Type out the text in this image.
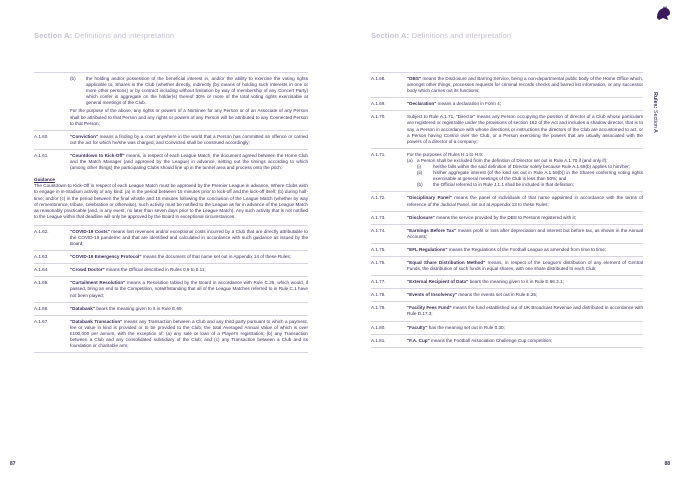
Section A: Definitions and interpretation	Section A: Definitions and interpretation
Rules: Section A
(b)	the holding and/or possession of the beneficial interest in, and/or the ability to exercise the voting rights applicable to, Shares in the Club (whether directly, indirectly (by means of holding such interests in one or more other persons) or by contract including without limitation by way of membership of any Concert Party) which confer in aggregate on the holder(s) thereof 30% or more of the total voting rights exercisable at general meetings of the Club.
For the purpose of the above, any rights or powers of a Nominee for any Person or of an Associate of any Person shall be attributed to that Person and any rights or powers of any Person will be attributed to any Connected Person to that Person;
A.1.60.	"Conviction" means a finding by a court anywhere in the world that a Person has committed an offence or carried out the act for which he/she was charged, and Convicted shall be construed accordingly;
A.1.61.	"Countdown to Kick-Off" means, in respect of each League Match, the document agreed between the Home Club and the Match Manager (and approved by the League) in advance, setting out the timings according to which (among other things) the participating Clubs should line up in the tunnel area and process onto the pitch;
Guidance
The Countdown to Kick-Off in respect of each League Match must be approved by the Premier League in advance. Where Clubs wish to engage in in-Stadium activity of any kind: (a) in the period between 15 minutes prior to kick-off and the kick-off itself; (b) during half-time; and/or (c) in the period between the final whistle and 15 minutes following the conclusion of the League Match (whether by way of remembrance, tribute, celebration or otherwise), such activity must be notified to the League as far in advance of the League Match as reasonably practicable (and, in any event, no later than seven days prior to the League Match). Any such activity that is not notified to the League within that deadline will only be approved by the Board in exceptional circumstances.
A.1.62.	"COVID-19 Costs" means lost revenues and/or exceptional costs incurred by a Club that are directly attributable to the COVID-19 pandemic and that are identified and calculated in accordance with such guidance as issued by the Board;
A.1.63.	"COVID-19 Emergency Protocol" means the document of that name set out in Appendix 14 of these Rules;
A.1.64.	"Crowd Doctor" means the Official described in Rules 0.9 to 0.11;
A.1.65.	"Curtailment Resolution" means a Resolution tabled by the Board in accordance with Rule C.25, which would, if passed, bring an end to the Competition, notwithstanding that all of the League Matches referred to in Rule C.1 have not been played;
A.1.66.	"Databank" bears the meaning given to it in Rule E.69;
A.1.67.	"Databank Transaction" means any Transaction between a Club and any third party pursuant to which a payment, fee or value in kind is provided or to be provided to the Club, the total Averaged Annual Value of which is over £100,000 per annum, with the exception of: (a) any sale or loan of a Player's registration; (b) any Transaction between a Club and any consolidated subsidiary of the Club; and (c) any Transaction between a Club and its foundation or charitable arm;
A.1.68.	"DBS" means the Disclosure and Barring Service, being a non-departmental public body of the Home Office which, amongst other things, processes requests for criminal records checks and barred list information, or any successor body which carries out its functions;
A.1.69.	"Declaration" means a declaration in Form 4;
A.1.70.	Subject to Rule A.1.71, "Director" means any Person occupying the position of director of a Club whose particulars are registered or registrable under the provisions of section 162 of the Act and includes a shadow director, that is to say, a Person in accordance with whose directions or instructions the directors of the Club are accustomed to act, or a Person having Control over the Club, or a Person exercising the powers that are usually associated with the powers of a director of a company;
A.1.71.	For the purposes of Rules H.1 to H.9:
(a) a Person shall be excluded from the definition of Director set out in Rule A.1.70 if (and only if):
(i)	he/she falls within the said definition of Director solely because Rule A.1.59(b) applies to him/her;
(ii)	his/her aggregate interest (of the kind set out in Rule A.1.59(b)) in the Shares conferring voting rights exercisable at general meetings of the Club is less than 50%; and
(b)	the Official referred to in Rule J.1.1 shall be included in that definition;
A.1.72.	"Disciplinary Panel" means the panel of individuals of that name appointed in accordance with the terms of reference of the Judicial Panel, set out at Appendix 13 to these Rules;
A.1.73.	"Disclosure" means the service provided by the DBS to Persons registered with it;
A.1.74.	"Earnings Before Tax" means profit or loss after depreciation and interest but before tax, as shown in the Annual Accounts;
A.1.75.	"EFL Regulations" means the Regulations of the Football League as amended from time to time;
A.1.76.	"Equal Share Distribution Method" means, in respect of the League's distribution of any element of Central Funds, the distribution of such funds in equal shares, with one share distributed to each Club;
A.1.77.	"External Recipient of Data" bears the meaning given to it in Rule E.66.3.1;
A.1.78.	"Events of Insolvency" means the events set out in Rule E.25;
A.1.79.	"Facility Fees Fund" means the fund established out of UK Broadcast Revenue and distributed in accordance with Rule D.17.3;
A.1.80.	"Faculty" has the meaning set out in Rule 0.30;
A.1.81.	"F.A. Cup" means the Football Association Challenge Cup competition;
87	88
